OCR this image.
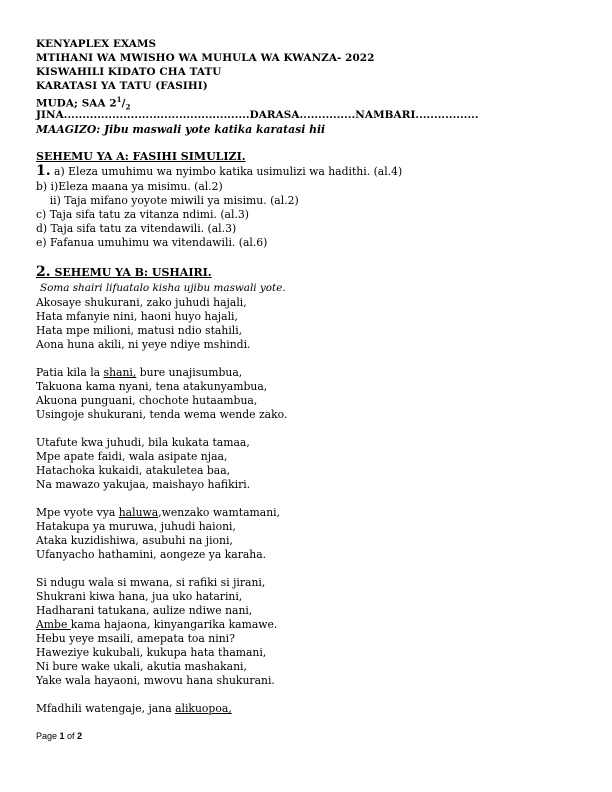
KENYAPLEX EXAMS
MTIHANI WA MWISHO WA MUHULA WA KWANZA- 2022
KISWAHILI KIDATO CHA TATU
KARATASI YA TATU (FASIHI)
MUDA; SAA $2^1/_2$
JINA..................................................DARASA...............NAMBARI.................
MAAGIZO: Jibu maswali yote katika karatasi hii
SEHEMU YA A: FASIHI SIMULIZI.
1. a) Eleza umuhimu wa nyimbo katika usimulizi wa hadithi. (al.4)
b) i)Eleza maana ya misimu. (al.2)
ii) Taja mifano yoyote miwili ya misimu. (al.2)
c) Taja sifa tatu za vitanza ndimi. (al.3)
d) Taja sifa tatu za vitendawili. (al.3)
e) Fafanua umuhimu wa vitendawili. (al.6)
2. SEHEMU YA B: USHAIRI.
Soma shairi lifuatalo kisha ujibu maswali yote.
Akosaye shukurani, zako juhudi hajali,
Hata mfanyie nini, haoni huyo hajali,
Hata mpe milioni, matusi ndio stahili,
Aona huna akili, ni yeye ndiye mshindi.
Patia kila la shani, bure unajisumbua,
Takuona kama nyani, tena atakunyambua,
Akuona punguani, chochote hutaambua,
Usingoje shukurani, tenda wema wende zako.
Utafute kwa juhudi, bila kukata tamaa,
Mpe apate faidi, wala asipate njaa,
Hatachoka kukaidi, atakuletea baa,
Na mawazo yakujaa, maishayo hafikiri.
Mpe vyote vya haluwa,wenzako wamtamani,
Hatakupa ya muruwa, juhudi haioni,
Ataka kuzidishiwa, asubuhi na jioni,
Ufanyacho hathamini, aongeze ya karaha.
Si ndugu wala si mwana, si rafiki si jirani,
Shukrani kiwa hana, jua uko hatarini,
Hadharani tatukana, aulize ndiwe nani,
Ambe kama hajaona, kinyangarika kamawe.
Hebu yeye msaili, amepata toa nini?
Haweziye kukubali, kukupa hata thamani,
Ni bure wake ukali, akutia mashakani,
Yake wala hayaoni, mwovu hana shukurani.
Mfadhili watengaje, jana alikuopoa,
Page 1 of 2
